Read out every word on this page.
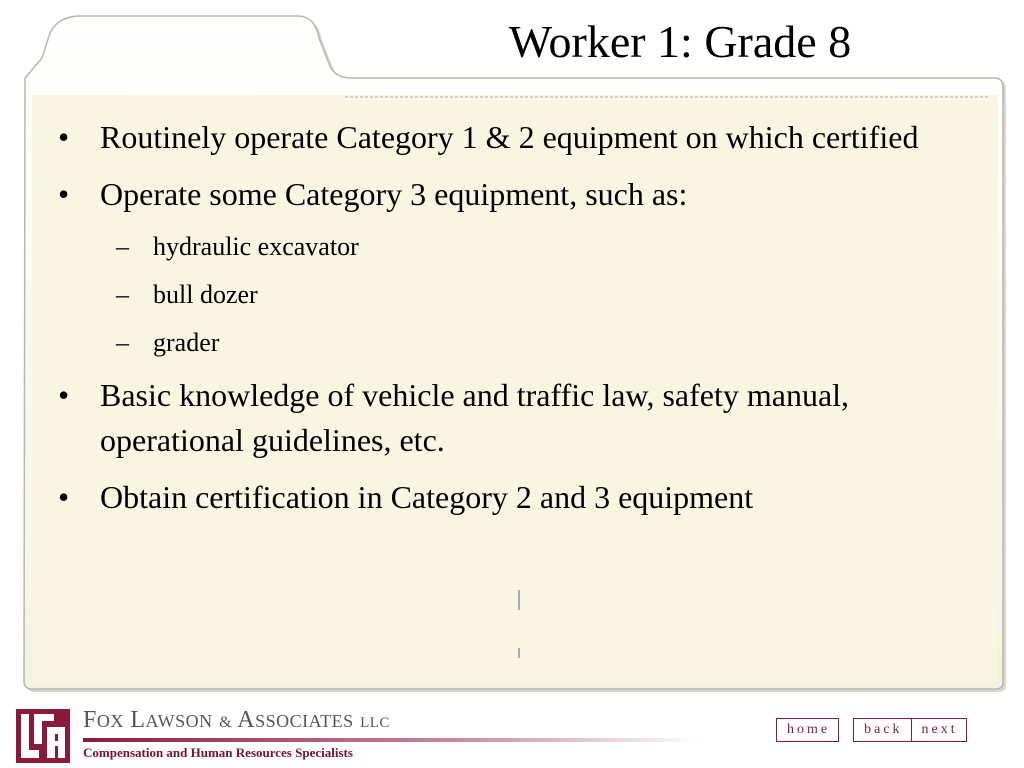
Worker 1: Grade 8
• Routinely operate Category 1 & 2 equipment on which certified
• Operate some Category 3 equipment, such as:
– hydraulic excavator
– bull dozer
– grader
• Basic knowledge of vehicle and traffic law, safety manual, operational guidelines, etc.
• Obtain certification in Category 2 and 3 equipment
FOX LAWSON & ASSOCIATES LLC
Compensation and Human Resources Specialists
home	back	next
